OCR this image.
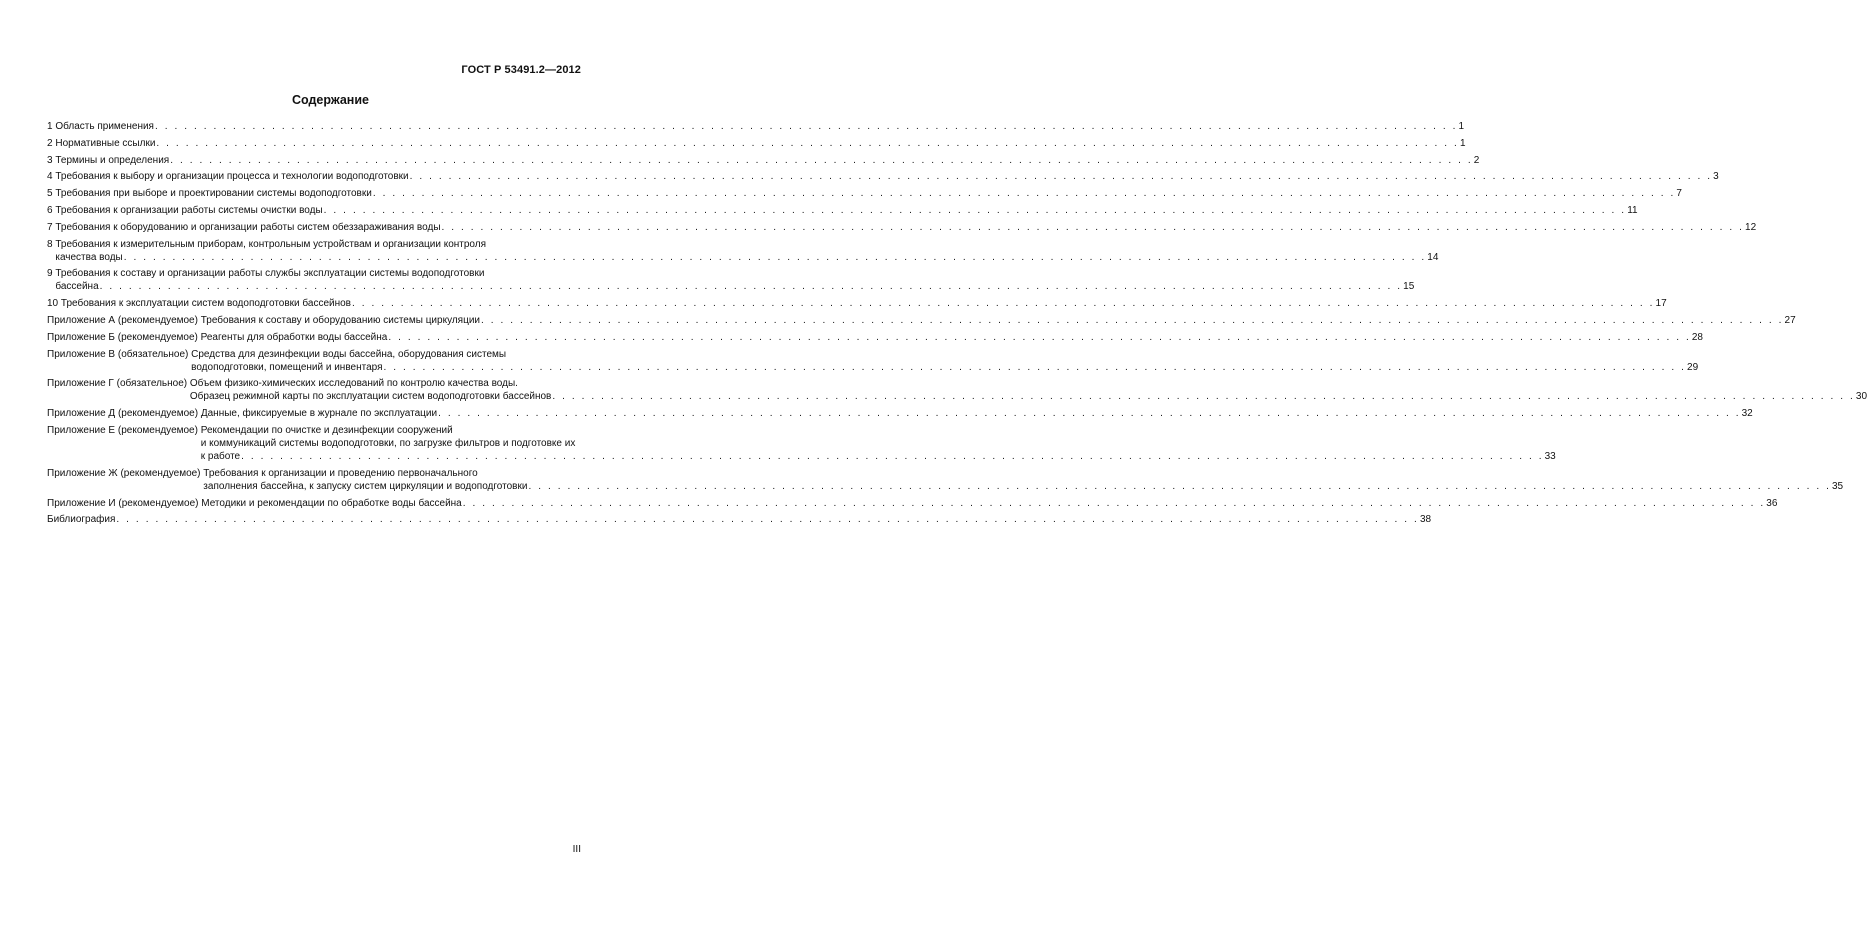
ГОСТ Р 53491.2—2012
Содержание
1 Область применения . . .	1
2 Нормативные ссылки . . .	1
3 Термины и определения . . .	2
4 Требования к выбору и организации процесса и технологии водоподготовки . . .	3
5 Требования при выборе и проектировании системы водоподготовки . . .	7
6 Требования к организации работы системы очистки воды . . .	11
7 Требования к оборудованию и организации работы систем обеззараживания воды . . .	12
8 Требования к измерительным приборам, контрольным устройствам и организации контроля
качества воды . . .	14
9 Требования к составу и организации работы службы эксплуатации системы водоподготовки
бассейна . . .	15
10 Требования к эксплуатации систем водоподготовки бассейнов . . .	17
Приложение А (рекомендуемое) Требования к составу и оборудованию системы циркуляции . . .	27
Приложение Б (рекомендуемое) Реагенты для обработки воды бассейна . . .	28
Приложение В (обязательное) Средства для дезинфекции воды бассейна, оборудования системы
водоподготовки, помещений и инвентаря . . .	29
Приложение Г (обязательное) Объем физико-химических исследований по контролю качества воды.
Образец режимной карты по эксплуатации систем водоподготовки бассейнов . . .	30
Приложение Д (рекомендуемое) Данные, фиксируемые в журнале по эксплуатации . . .	32
Приложение Е (рекомендуемое) Рекомендации по очистке и дезинфекции сооружений
и коммуникаций системы водоподготовки, по загрузке фильтров и подготовке их
к работе . . .	33
Приложение Ж (рекомендуемое) Требования к организации и проведению первоначального
заполнения бассейна, к запуску систем циркуляции и водоподготовки . . .	35
Приложение И (рекомендуемое) Методики и рекомендации по обработке воды бассейна . . .	36
Библиография . . .	38
III
